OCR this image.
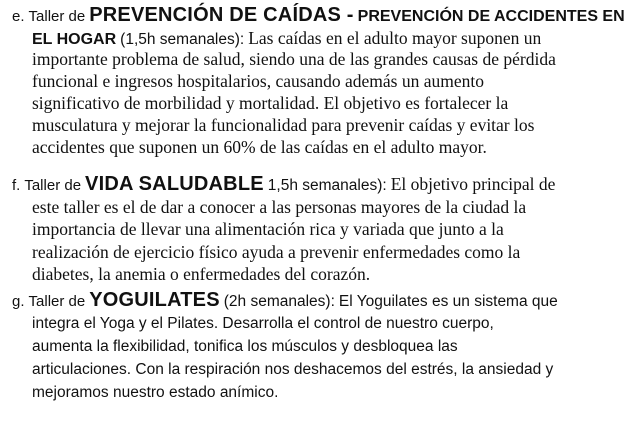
e. Taller de PREVENCIÓN DE CAÍDAS - PREVENCIÓN DE ACCIDENTES EN
EL HOGAR (1,5h semanales): Las caídas en el adulto mayor suponen un
importante problema de salud, siendo una de las grandes causas de pérdida
funcional e ingresos hospitalarios, causando además un aumento
significativo de morbilidad y mortalidad. El objetivo es fortalecer la
musculatura y mejorar la funcionalidad para prevenir caídas y evitar los
accidentes que suponen un 60% de las caídas en el adulto mayor.
f. Taller de VIDA SALUDABLE 1,5h semanales): El objetivo principal de
este taller es el de dar a conocer a las personas mayores de la ciudad la
importancia de llevar una alimentación rica y variada que junto a la
realización de ejercicio físico ayuda a prevenir enfermedades como la
diabetes, la anemia o enfermedades del corazón.
g. Taller de YOGUILATES (2h semanales): El Yoguilates es un sistema que
integra el Yoga y el Pilates. Desarrolla el control de nuestro cuerpo,
aumenta la flexibilidad, tonifica los músculos y desbloquea las
articulaciones. Con la respiración nos deshacemos del estrés, la ansiedad y
mejoramos nuestro estado anímico.
